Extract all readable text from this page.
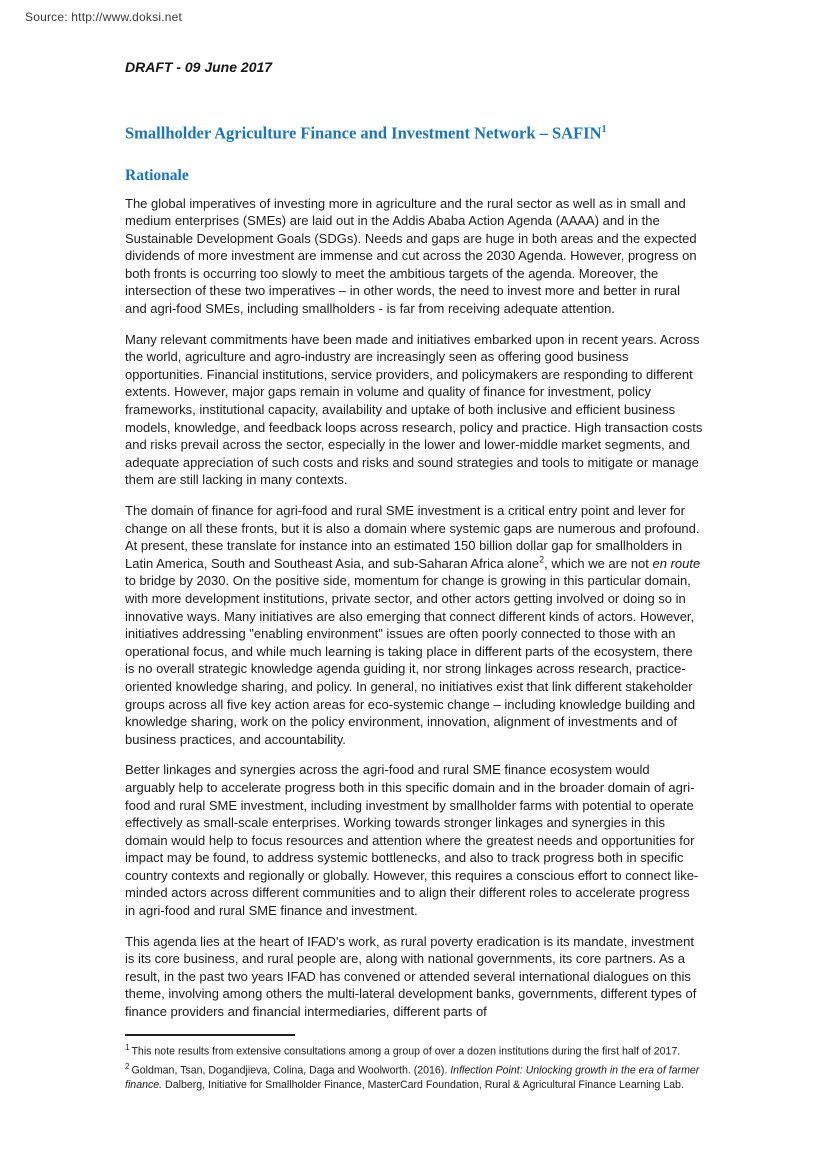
Source: http://www.doksi.net
DRAFT - 09 June 2017
Smallholder Agriculture Finance and Investment Network – SAFIN$^1$
Rationale

The global imperatives of investing more in agriculture and the rural sector as well as in small and medium enterprises (SMEs) are laid out in the Addis Ababa Action Agenda (AAAA) and in the Sustainable Development Goals (SDGs). Needs and gaps are huge in both areas and the expected dividends of more investment are immense and cut across the 2030 Agenda. However, progress on both fronts is occurring too slowly to meet the ambitious targets of the agenda. Moreover, the intersection of these two imperatives – in other words, the need to invest more and better in rural and agri-food SMEs, including smallholders - is far from receiving adequate attention.

Many relevant commitments have been made and initiatives embarked upon in recent years. Across the world, agriculture and agro-industry are increasingly seen as offering good business opportunities. Financial institutions, service providers, and policymakers are responding to different extents. However, major gaps remain in volume and quality of finance for investment, policy frameworks, institutional capacity, availability and uptake of both inclusive and efficient business models, knowledge, and feedback loops across research, policy and practice. High transaction costs and risks prevail across the sector, especially in the lower and lower-middle market segments, and adequate appreciation of such costs and risks and sound strategies and tools to mitigate or manage them are still lacking in many contexts.

The domain of finance for agri-food and rural SME investment is a critical entry point and lever for change on all these fronts, but it is also a domain where systemic gaps are numerous and profound. At present, these translate for instance into an estimated 150 billion dollar gap for smallholders in Latin America, South and Southeast Asia, and sub-Saharan Africa alone$^2$, which we are not en route to bridge by 2030. On the positive side, momentum for change is growing in this particular domain, with more development institutions, private sector, and other actors getting involved or doing so in innovative ways. Many initiatives are also emerging that connect different kinds of actors. However, initiatives addressing "enabling environment" issues are often poorly connected to those with an operational focus, and while much learning is taking place in different parts of the ecosystem, there is no overall strategic knowledge agenda guiding it, nor strong linkages across research, practice-oriented knowledge sharing, and policy. In general, no initiatives exist that link different stakeholder groups across all five key action areas for eco-systemic change – including knowledge building and knowledge sharing, work on the policy environment, innovation, alignment of investments and of business practices, and accountability.

Better linkages and synergies across the agri-food and rural SME finance ecosystem would arguably help to accelerate progress both in this specific domain and in the broader domain of agri-food and rural SME investment, including investment by smallholder farms with potential to operate effectively as small-scale enterprises. Working towards stronger linkages and synergies in this domain would help to focus resources and attention where the greatest needs and opportunities for impact may be found, to address systemic bottlenecks, and also to track progress both in specific country contexts and regionally or globally. However, this requires a conscious effort to connect like-minded actors across different communities and to align their different roles to accelerate progress in agri-food and rural SME finance and investment.

This agenda lies at the heart of IFAD's work, as rural poverty eradication is its mandate, investment is its core business, and rural people are, along with national governments, its core partners. As a result, in the past two years IFAD has convened or attended several international dialogues on this theme, involving among others the multi-lateral development banks, governments, different types of finance providers and financial intermediaries, different parts of

$^1$ This note results from extensive consultations among a group of over a dozen institutions during the first half of 2017.
$^2$ Goldman, Tsan, Dogandjieva, Colina, Daga and Woolworth. (2016). Inflection Point: Unlocking growth in the era of farmer finance. Dalberg, Initiative for Smallholder Finance, MasterCard Foundation, Rural & Agricultural Finance Learning Lab.
